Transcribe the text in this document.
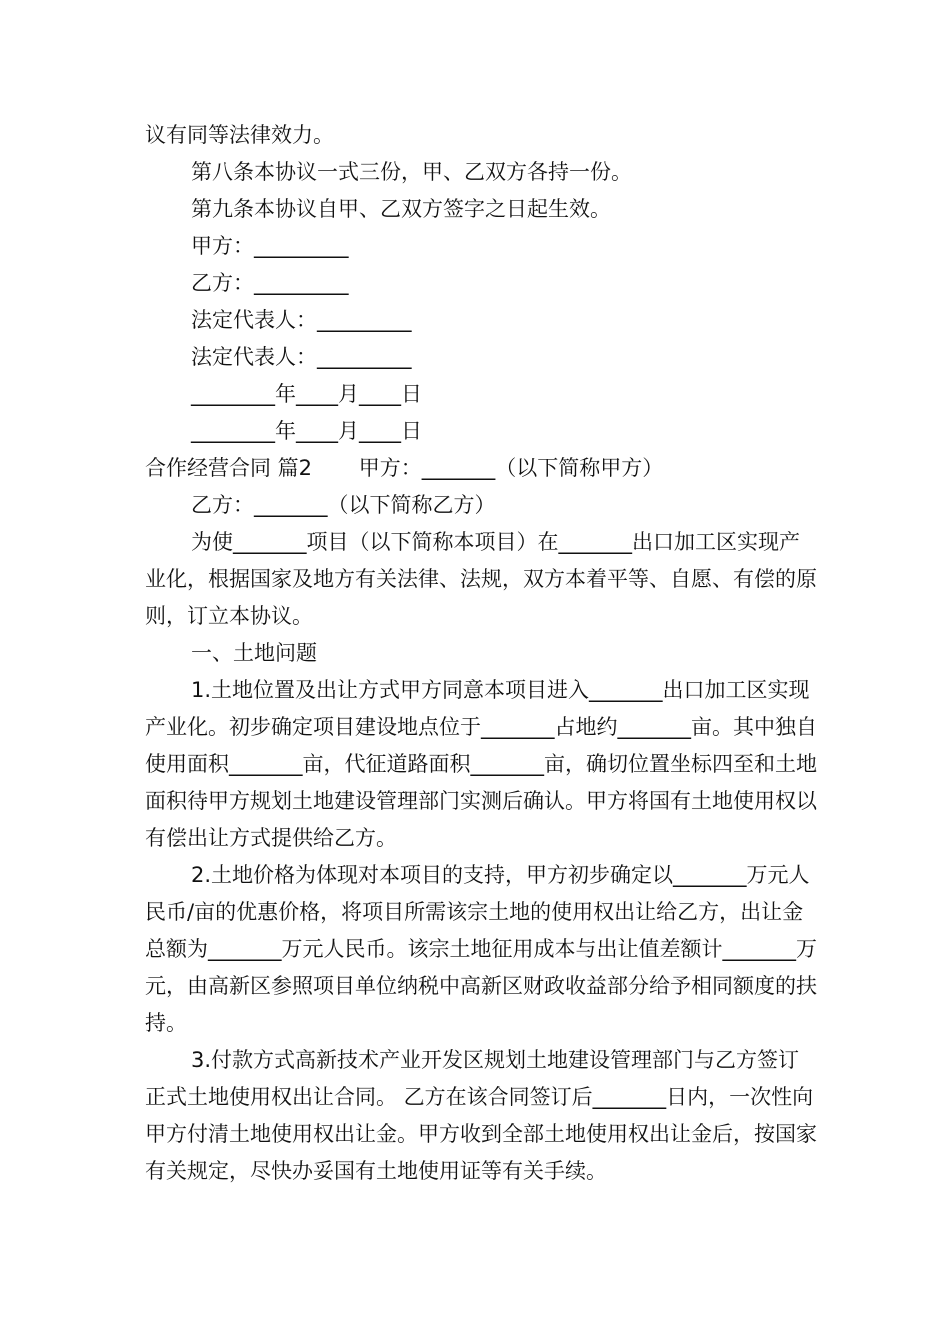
议有同等法律效力。

第八条本协议一式三份，甲、乙双方各持一份。

第九条本协议自甲、乙双方签字之日起生效。

甲方：_________

乙方：_________

法定代表人：_________

法定代表人：_________

________年____月____日

________年____月____日

合作经营合同 篇2       甲方：_______（以下简称甲方）

乙方：_______（以下简称乙方）

为使_______项目（以下简称本项目）在_______出口加工区实现产业化，根据国家及地方有关法律、法规，双方本着平等、自愿、有偿的原则，订立本协议。

一、土地问题

1.土地位置及出让方式甲方同意本项目进入_______出口加工区实现产业化。初步确定项目建设地点位于_______占地约_______亩。其中独自使用面积_______亩，代征道路面积_______亩，确切位置坐标四至和土地面积待甲方规划土地建设管理部门实测后确认。甲方将国有土地使用权以有偿出让方式提供给乙方。

2.土地价格为体现对本项目的支持，甲方初步确定以_______万元人民币/亩的优惠价格，将项目所需该宗土地的使用权出让给乙方，出让金总额为_______万元人民币。该宗土地征用成本与出让值差额计_______万元，由高新区参照项目单位纳税中高新区财政收益部分给予相同额度的扶持。

3.付款方式高新技术产业开发区规划土地建设管理部门与乙方签订正式土地使用权出让合同。 乙方在该合同签订后_______日内，一次性向甲方付清土地使用权出让金。甲方收到全部土地使用权出让金后，按国家有关规定，尽快办妥国有土地使用证等有关手续。
